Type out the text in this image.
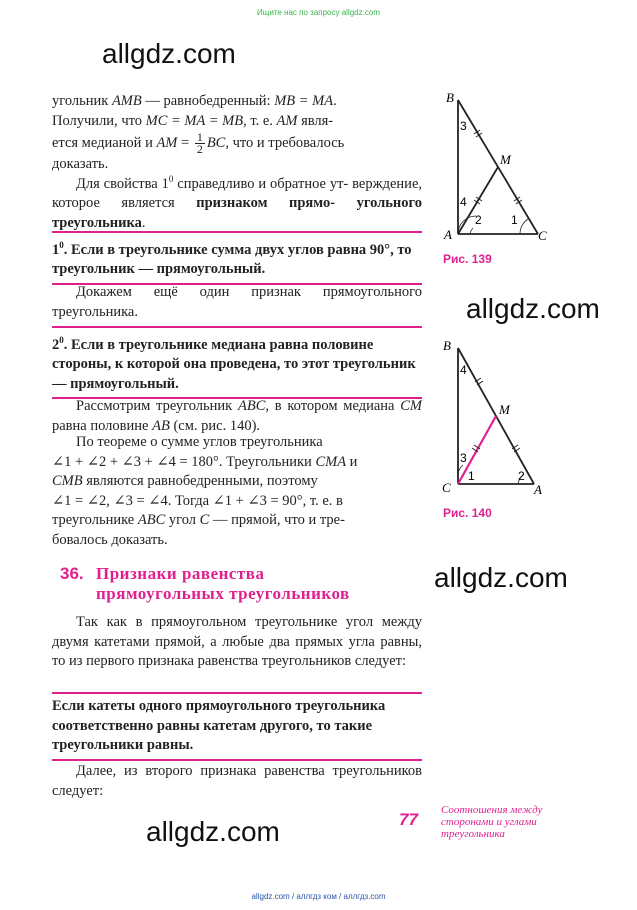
Ищите нас по запросу allgdz.com
allgdz.com
allgdz.com
allgdz.com
allgdz.com
угольник AMB — равнобедренный: MB = MA.
Получили, что MC = MA = MB, т. е. AM явля-
ется медианой и AM = $\frac{1}{2}$ BC, что и требовалось
доказать.
Для свойства $1^0$ справедливо и обратное ут- верждение, которое является признаком прямо- угольного треугольника.
$1^0$. Если в треугольнике сумма двух углов равна 90°, то треугольник — прямоугольный.
Докажем ещё один признак прямоугольного треугольника.
$2^0$. Если в треугольнике медиана равна половине стороны, к которой она проведена, то этот треугольник — прямоугольный.
Рассмотрим треугольник ABC, в котором медиана CM равна половине AB (см. рис. 140).
По теореме о сумме углов треугольника
∠1 + ∠2 + ∠3 + ∠4 = 180°. Треугольники CMA и
CMB являются равнобедренными, поэтому
∠1 = ∠2, ∠3 = ∠4. Тогда ∠1 + ∠3 = 90°, т. е. в
треугольнике ABC угол C — прямой, что и тре-
бовалось доказать.
36. Признаки равенства
прямоугольных треугольников
Так как в прямоугольном треугольнике угол между двумя катетами прямой, а любые два прямых угла равны, то из первого признака равенства треугольников следует:
Если катеты одного прямоугольного треугольника соответственно равны катетам другого, то такие треугольники равны.
Далее, из второго признака равенства треугольников следует:
B
M
A	C
3
4
2 1
Рис. 139
B
M
C	A
4
3
1	2
Рис. 140
77 Соотношения между
сторонами и углами
треугольника
allgdz.com / аллгдз ком / аллгдз.com
